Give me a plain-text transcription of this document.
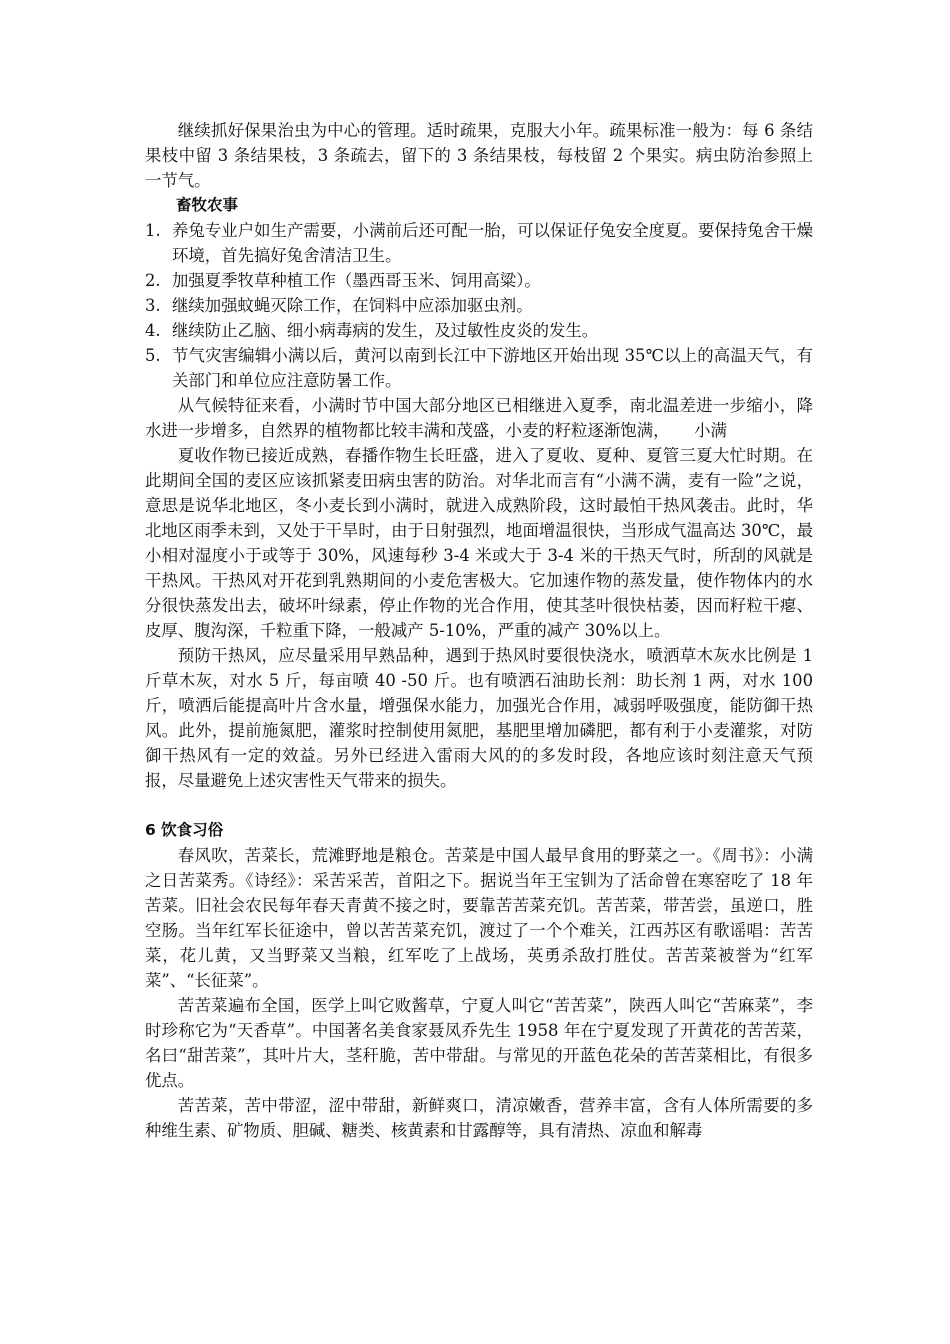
继续抓好保果治虫为中心的管理。适时疏果，克服大小年。疏果标准一般为：每 6 条结果枝中留 3 条结果枝，3 条疏去，留下的 3 条结果枝，每枝留 2 个果实。病虫防治参照上一节气。

畜牧农事

1. 养兔专业户如生产需要，小满前后还可配一胎，可以保证仔兔安全度夏。要保持兔舍干燥环境，首先搞好兔舍清洁卫生。
2. 加强夏季牧草种植工作（墨西哥玉米、饲用高粱）。
3. 继续加强蚊蝇灭除工作，在饲料中应添加驱虫剂。
4. 继续防止乙脑、细小病毒病的发生，及过敏性皮炎的发生。
5. 节气灾害编辑小满以后，黄河以南到长江中下游地区开始出现 35℃以上的高温天气，有关部门和单位应注意防暑工作。

从气候特征来看，小满时节中国大部分地区已相继进入夏季，南北温差进一步缩小，降水进一步增多，自然界的植物都比较丰满和茂盛，小麦的籽粒逐渐饱满，　　小满

夏收作物已接近成熟，春播作物生长旺盛，进入了夏收、夏种、夏管三夏大忙时期。在此期间全国的麦区应该抓紧麦田病虫害的防治。对华北而言有“小满不满，麦有一险”之说，意思是说华北地区，冬小麦长到小满时，就进入成熟阶段，这时最怕干热风袭击。此时，华北地区雨季未到，又处于干旱时，由于日射强烈，地面增温很快，当形成气温高达 30℃，最小相对湿度小于或等于 30%，风速每秒 3-4 米或大于 3-4 米的干热天气时，所刮的风就是干热风。干热风对开花到乳熟期间的小麦危害极大。它加速作物的蒸发量，使作物体内的水分很快蒸发出去，破坏叶绿素，停止作物的光合作用，使其茎叶很快枯萎，因而籽粒干瘪、皮厚、腹沟深，千粒重下降，一般减产 5-10%，严重的减产 30%以上。

预防干热风，应尽量采用早熟品种，遇到于热风时要很快浇水，喷洒草木灰水比例是 1 斤草木灰，对水 5 斤，每亩喷 40 -50 斤。也有喷洒石油助长剂：助长剂 1 两，对水 100 斤，喷洒后能提高叶片含水量，增强保水能力，加强光合作用，减弱呼吸强度，能防御干热风。此外，提前施氮肥，灌浆时控制使用氮肥，基肥里增加磷肥，都有利于小麦灌浆，对防御干热风有一定的效益。另外已经进入雷雨大风的的多发时段，各地应该时刻注意天气预报，尽量避免上述灾害性天气带来的损失。

6 饮食习俗

春风吹，苦菜长，荒滩野地是粮仓。苦菜是中国人最早食用的野菜之一。《周书》：小满之日苦菜秀。《诗经》：采苦采苦，首阳之下。据说当年王宝钏为了活命曾在寒窑吃了 18 年苦菜。旧社会农民每年春天青黄不接之时，要靠苦苦菜充饥。苦苦菜，带苦尝，虽逆口，胜空肠。当年红军长征途中，曾以苦苦菜充饥，渡过了一个个难关，江西苏区有歌谣唱：苦苦菜，花儿黄，又当野菜又当粮，红军吃了上战场，英勇杀敌打胜仗。苦苦菜被誉为“红军菜”、“长征菜”。

苦苦菜遍布全国，医学上叫它败酱草，宁夏人叫它“苦苦菜”，陕西人叫它“苦麻菜”，李时珍称它为“天香草”。中国著名美食家聂凤乔先生 1958 年在宁夏发现了开黄花的苦苦菜，名曰“甜苦菜”，其叶片大，茎秆脆，苦中带甜。与常见的开蓝色花朵的苦苦菜相比，有很多优点。

苦苦菜，苦中带涩，涩中带甜，新鲜爽口，清凉嫩香，营养丰富，含有人体所需要的多种维生素、矿物质、胆碱、糖类、核黄素和甘露醇等，具有清热、凉血和解毒
